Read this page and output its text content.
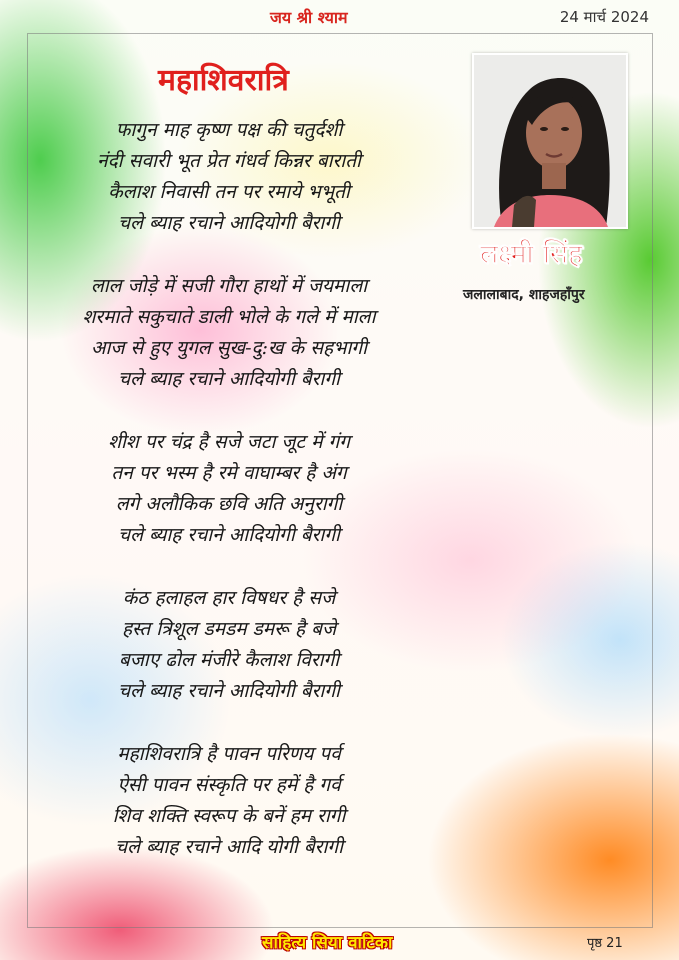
जय श्री श्याम	24 मार्च 2024
महाशिवरात्रि
लक्ष्मी सिंह
जलालाबाद, शाहजहाँपुर
फागुन माह कृष्ण पक्ष की चतुर्दशी
नंदी सवारी भूत प्रेत गंधर्व किन्नर बाराती
कैलाश निवासी तन पर रमाये भभूती
चले ब्याह रचाने आदियोगी बैरागी
लाल जोड़े में सजी गौरा हाथों में जयमाला
शरमाते सकुचाते डाली भोले के गले में माला
आज से हुए युगल सुख-दु:ख के सहभागी
चले ब्याह रचाने आदियोगी बैरागी
शीश पर चंद्र है सजे जटा जूट में गंग
तन पर भस्म है रमे वाघाम्बर है अंग
लगे अलौकिक छवि अति अनुरागी
चले ब्याह रचाने आदियोगी बैरागी
कंठ हलाहल हार विषधर है सजे
हस्त त्रिशूल डमडम डमरू है बजे
बजाए ढोल मंजीरे कैलाश विरागी
चले ब्याह रचाने आदियोगी बैरागी
महाशिवरात्रि है पावन परिणय पर्व
ऐसी पावन संस्कृति पर हमें है गर्व
शिव शक्ति स्वरूप के बनें हम रागी
चले ब्याह रचाने आदि योगी बैरागी
साहित्य सिया वाटिका	पृष्ठ 21
